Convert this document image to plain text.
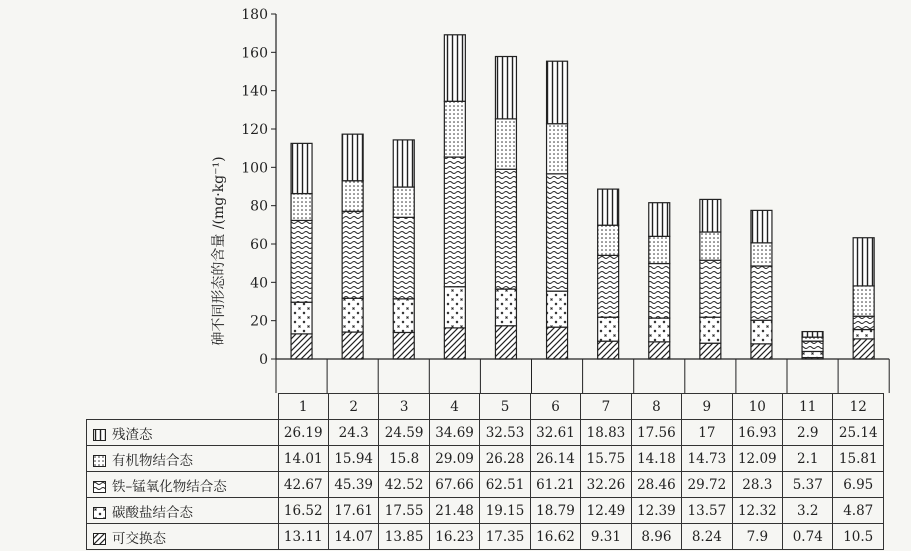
0
20
40
60
80
100
120
140
160
180
砷不同形态的含量 /(mg·kg⁻¹)
	1	2	3	4	5	6	7	8	9	10	11	12

残渣态	26.19	24.3	24.59	34.69	32.53	32.61	18.83	17.56	17	16.93	2.9	25.14

有机物结合态	14.01	15.94	15.8	29.09	26.28	26.14	15.75	14.18	14.73	12.09	2.1	15.81

铁–锰氧化物结合态	42.67	45.39	42.52	67.66	62.51	61.21	32.26	28.46	29.72	28.3	5.37	6.95

碳酸盐结合态	16.52	17.61	17.55	21.48	19.15	18.79	12.49	12.39	13.57	12.32	3.2	4.87

可交换态	13.11	14.07	13.85	16.23	17.35	16.62	9.31	8.96	8.24	7.9	0.74	10.5
